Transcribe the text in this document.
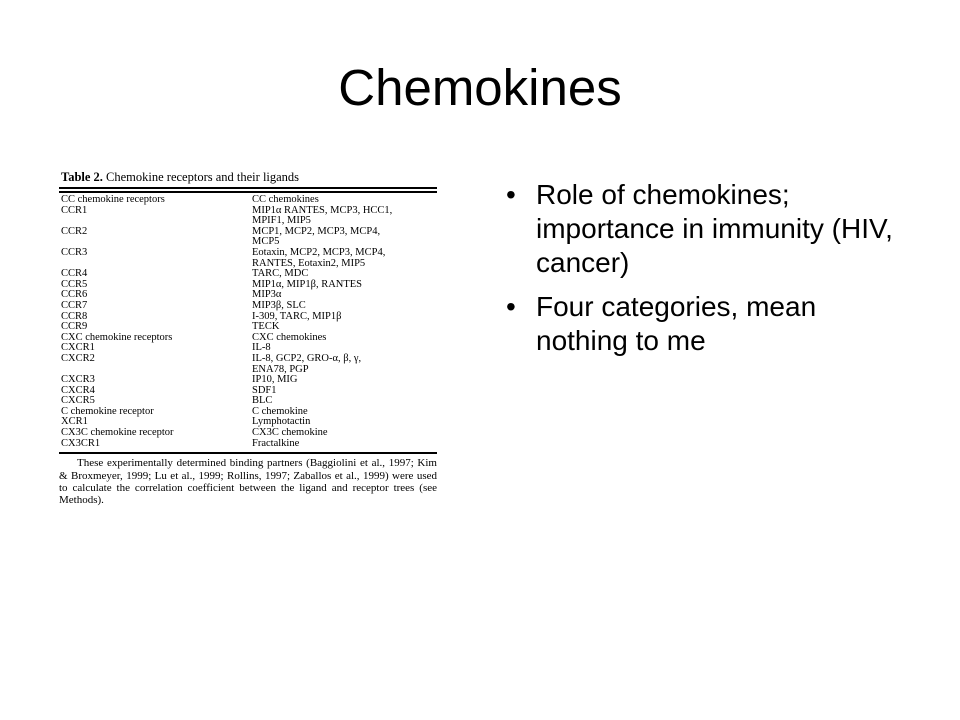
Chemokines

Table 2. Chemokine receptors and their ligands

CC chemokine receptors	CC chemokines
CCR1	MIP1α RANTES, MCP3, HCC1,
	MPIF1, MIP5
CCR2	MCP1, MCP2, MCP3, MCP4,
	MCP5
CCR3	Eotaxin, MCP2, MCP3, MCP4,
	RANTES, Eotaxin2, MIP5
CCR4	TARC, MDC
CCR5	MIP1α, MIP1β, RANTES
CCR6	MIP3α
CCR7	MIP3β, SLC
CCR8	I-309, TARC, MIP1β
CCR9	TECK
CXC chemokine receptors	CXC chemokines
CXCR1	IL-8
CXCR2	IL-8, GCP2, GRO-α, β, γ,
	ENA78, PGP
CXCR3	IP10, MIG
CXCR4	SDF1
CXCR5	BLC
C chemokine receptor	C chemokine
XCR1	Lymphotactin
CX3C chemokine receptor	CX3C chemokine
CX3CR1	Fractalkine

These experimentally determined binding partners (Baggiolini et al., 1997; Kim & Broxmeyer, 1999; Lu et al., 1999; Rollins, 1997; Zaballos et al., 1999) were used to calculate the correlation coefficient between the ligand and receptor trees (see Methods).

• Role of chemokines; importance in immunity (HIV, cancer)
• Four categories, mean nothing to me
